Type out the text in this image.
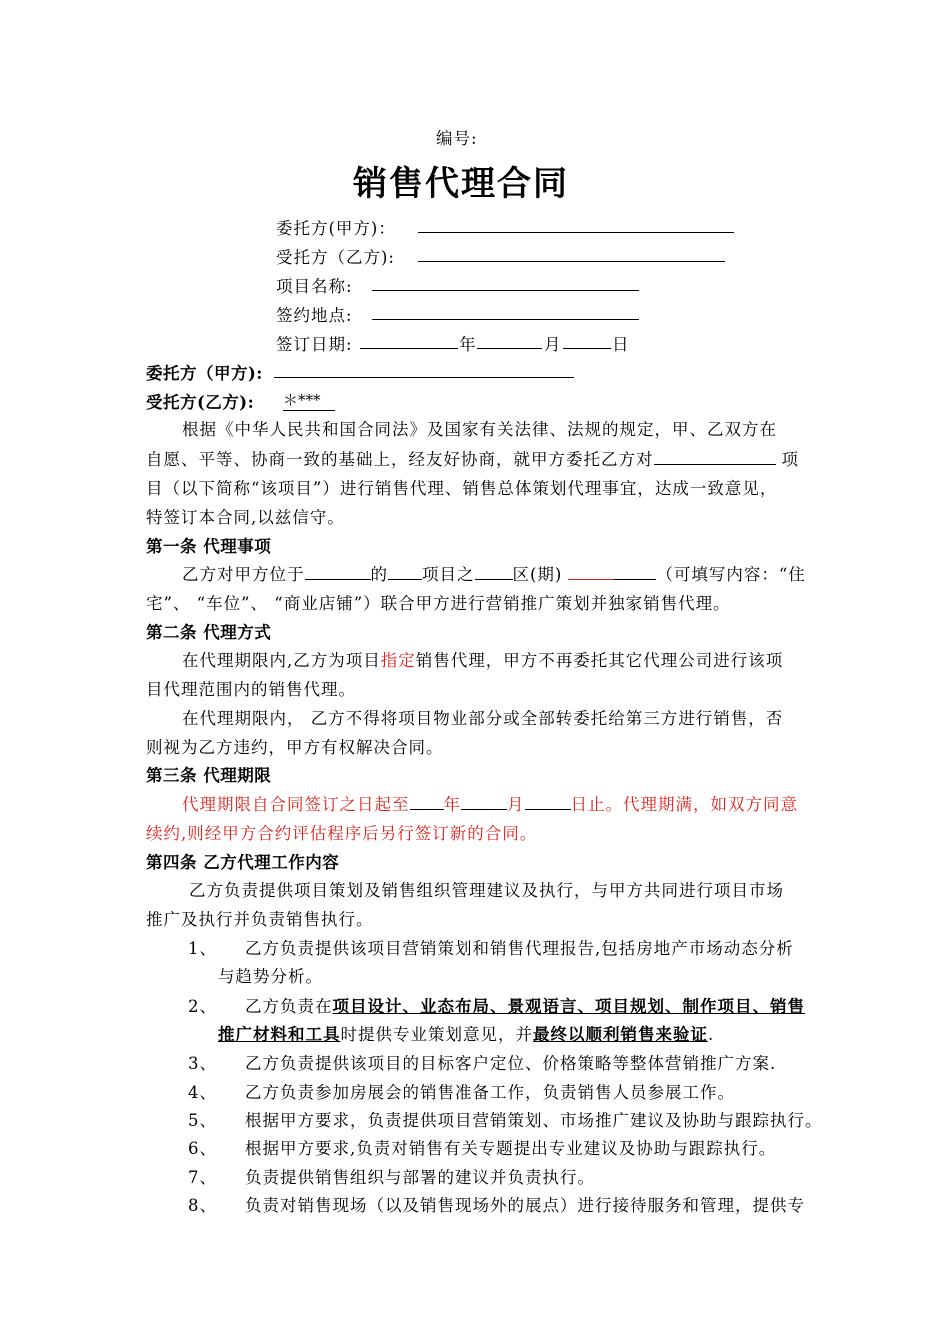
编号:
销售代理合同
委托方(甲方)：
受托方（乙方):
项目名称:
签约地点:
签订日期:	年	月	日
委托方（甲方):
受托方(乙方): ＊***
根据《中华人民共和国合同法》及国家有关法律、法规的规定，甲、乙双方在
自愿、平等、协商一致的基础上，经友好协商，就甲方委托乙方对	项
目（以下简称“该项目”）进行销售代理、销售总体策划代理事宜，达成一致意见，
特签订本合同,以兹信守。
第一条 代理事项
乙方对甲方位于	的 项目之 区(期)	（可填写内容：“住
宅”、 “车位”、 “商业店铺”）联合甲方进行营销推广策划并独家销售代理。
第二条 代理方式
在代理期限内,乙方为项目指定销售代理，甲方不再委托其它代理公司进行该项
目代理范围内的销售代理。
在代理期限内， 乙方不得将项目物业部分或全部转委托给第三方进行销售，否
则视为乙方违约，甲方有权解决合同。
第三条 代理期限
代理期限自合同签订之日起至 年	月	日止。代理期满，如双方同意
续约,则经甲方合约评估程序后另行签订新的合同。
第四条 乙方代理工作内容
乙方负责提供项目策划及销售组织管理建议及执行，与甲方共同进行项目市场
推广及执行并负责销售执行。
1、 乙方负责提供该项目营销策划和销售代理报告,包括房地产市场动态分析
与趋势分析。
2、 乙方负责在项目设计、业态布局、景观语言、项目规划、制作项目、销售
推广材料和工具时提供专业策划意见，并最终以顺利销售来验证.
3、 乙方负责提供该项目的目标客户定位、价格策略等整体营销推广方案.
4、 乙方负责参加房展会的销售准备工作，负责销售人员参展工作。
5、 根据甲方要求，负责提供项目营销策划、市场推广建议及协助与跟踪执行。
6、 根据甲方要求,负责对销售有关专题提出专业建议及协助与跟踪执行。
7、 负责提供销售组织与部署的建议并负责执行。
8、 负责对销售现场（以及销售现场外的展点）进行接待服务和管理，提供专
